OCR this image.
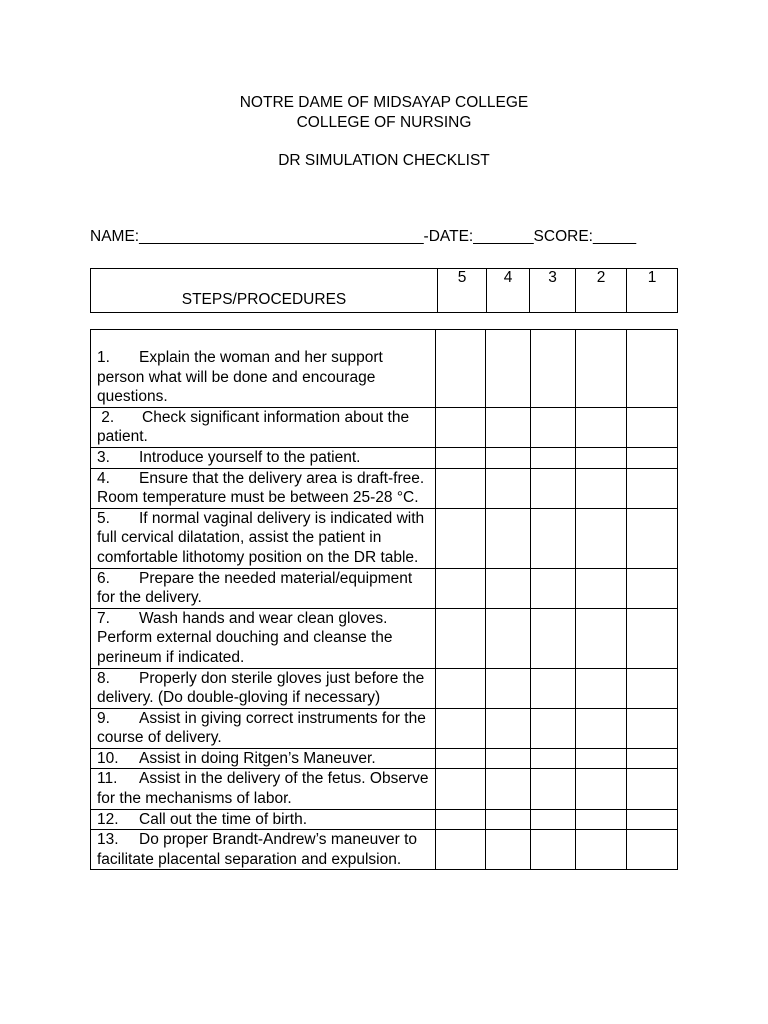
NOTRE DAME OF MIDSAYAP COLLEGE
COLLEGE OF NURSING
DR SIMULATION CHECKLIST
NAME:_________________________________-DATE:_______SCORE:_____
STEPS/PROCEDURES	5	4	3	2	1
1. Explain the woman and her support person what will be done and encourage questions.					
2. Check significant information about the patient.					
3. Introduce yourself to the patient.					
4. Ensure that the delivery area is draft-free. Room temperature must be between 25-28 °C.					
5. If normal vaginal delivery is indicated with full cervical dilatation, assist the patient in comfortable lithotomy position on the DR table.					
6. Prepare the needed material/equipment for the delivery.					
7. Wash hands and wear clean gloves. Perform external douching and cleanse the perineum if indicated.					
8. Properly don sterile gloves just before the delivery. (Do double-gloving if necessary)					
9. Assist in giving correct instruments for the course of delivery.					
10. Assist in doing Ritgen’s Maneuver.					
11. Assist in the delivery of the fetus. Observe for the mechanisms of labor.					
12. Call out the time of birth.					
13. Do proper Brandt-Andrew’s maneuver to facilitate placental separation and expulsion.					
